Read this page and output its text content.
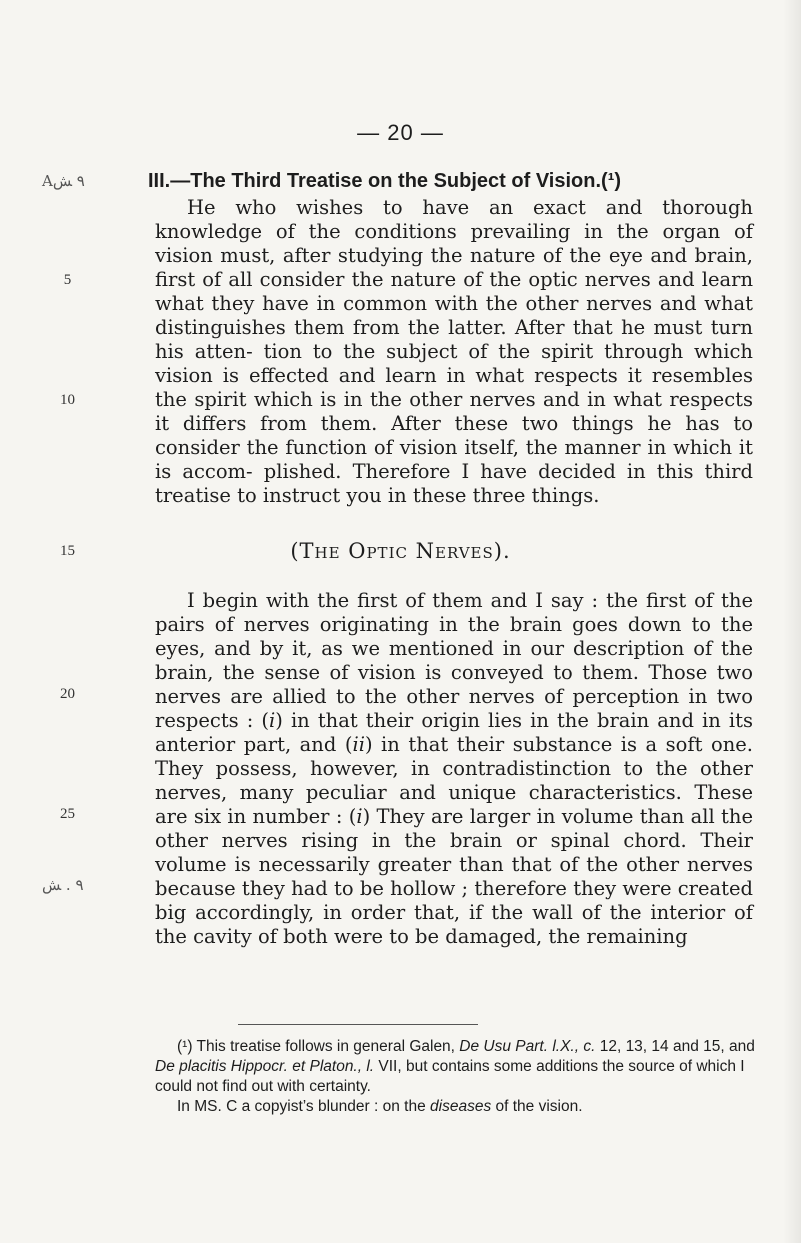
— 20 —
A٩ ﺶ	III.—The Third Treatise on the Subject of Vision.(¹)

He who wishes to have an exact and thorough knowledge of the conditions prevailing in the organ of vision must, after studying the nature of the eye and brain, first of all consider the nature of the optic nerves and learn what they have in common with the other nerves and what distinguishes them from the latter. After that he must turn his atten- tion to the subject of the spirit through which vision is effected and learn in what respects it resembles the spirit which is in the other nerves and in what respects it differs from them. After these two things he has to consider the function of vision itself, the manner in which it is accom- plished. Therefore I have decided in this third treatise to instruct you in these three things.

5
10
15
20
25
(The Optic Nerves).

I begin with the first of them and I say : the first of the pairs of nerves originating in the brain goes down to the eyes, and by it, as we mentioned in our description of the brain, the sense of vision is conveyed to them. Those two nerves are allied to the other nerves of perception in two respects : (i) in that their origin lies in the brain and in its anterior part, and (ii) in that their substance is a soft one. They possess, however, in contradistinction to the other nerves, many peculiar and unique characteristics. These are six in number : (i) They are larger in volume than all the other nerves rising in the brain or spinal chord. Their volume is necessarily greater than that of the other nerves because they had to be hollow ; therefore they were created big accordingly, in order that, if the wall of the interior of the cavity of both were to be damaged, the remaining

٩ . ﺶ

(¹) This treatise follows in general Galen, De Usu Part. l.X., c. 12, 13, 14 and 15, and De placitis Hippocr. et Platon., l. VII, but contains some additions the source of which I could not find out with certainty.

In MS. C a copyist’s blunder : on the diseases of the vision.
